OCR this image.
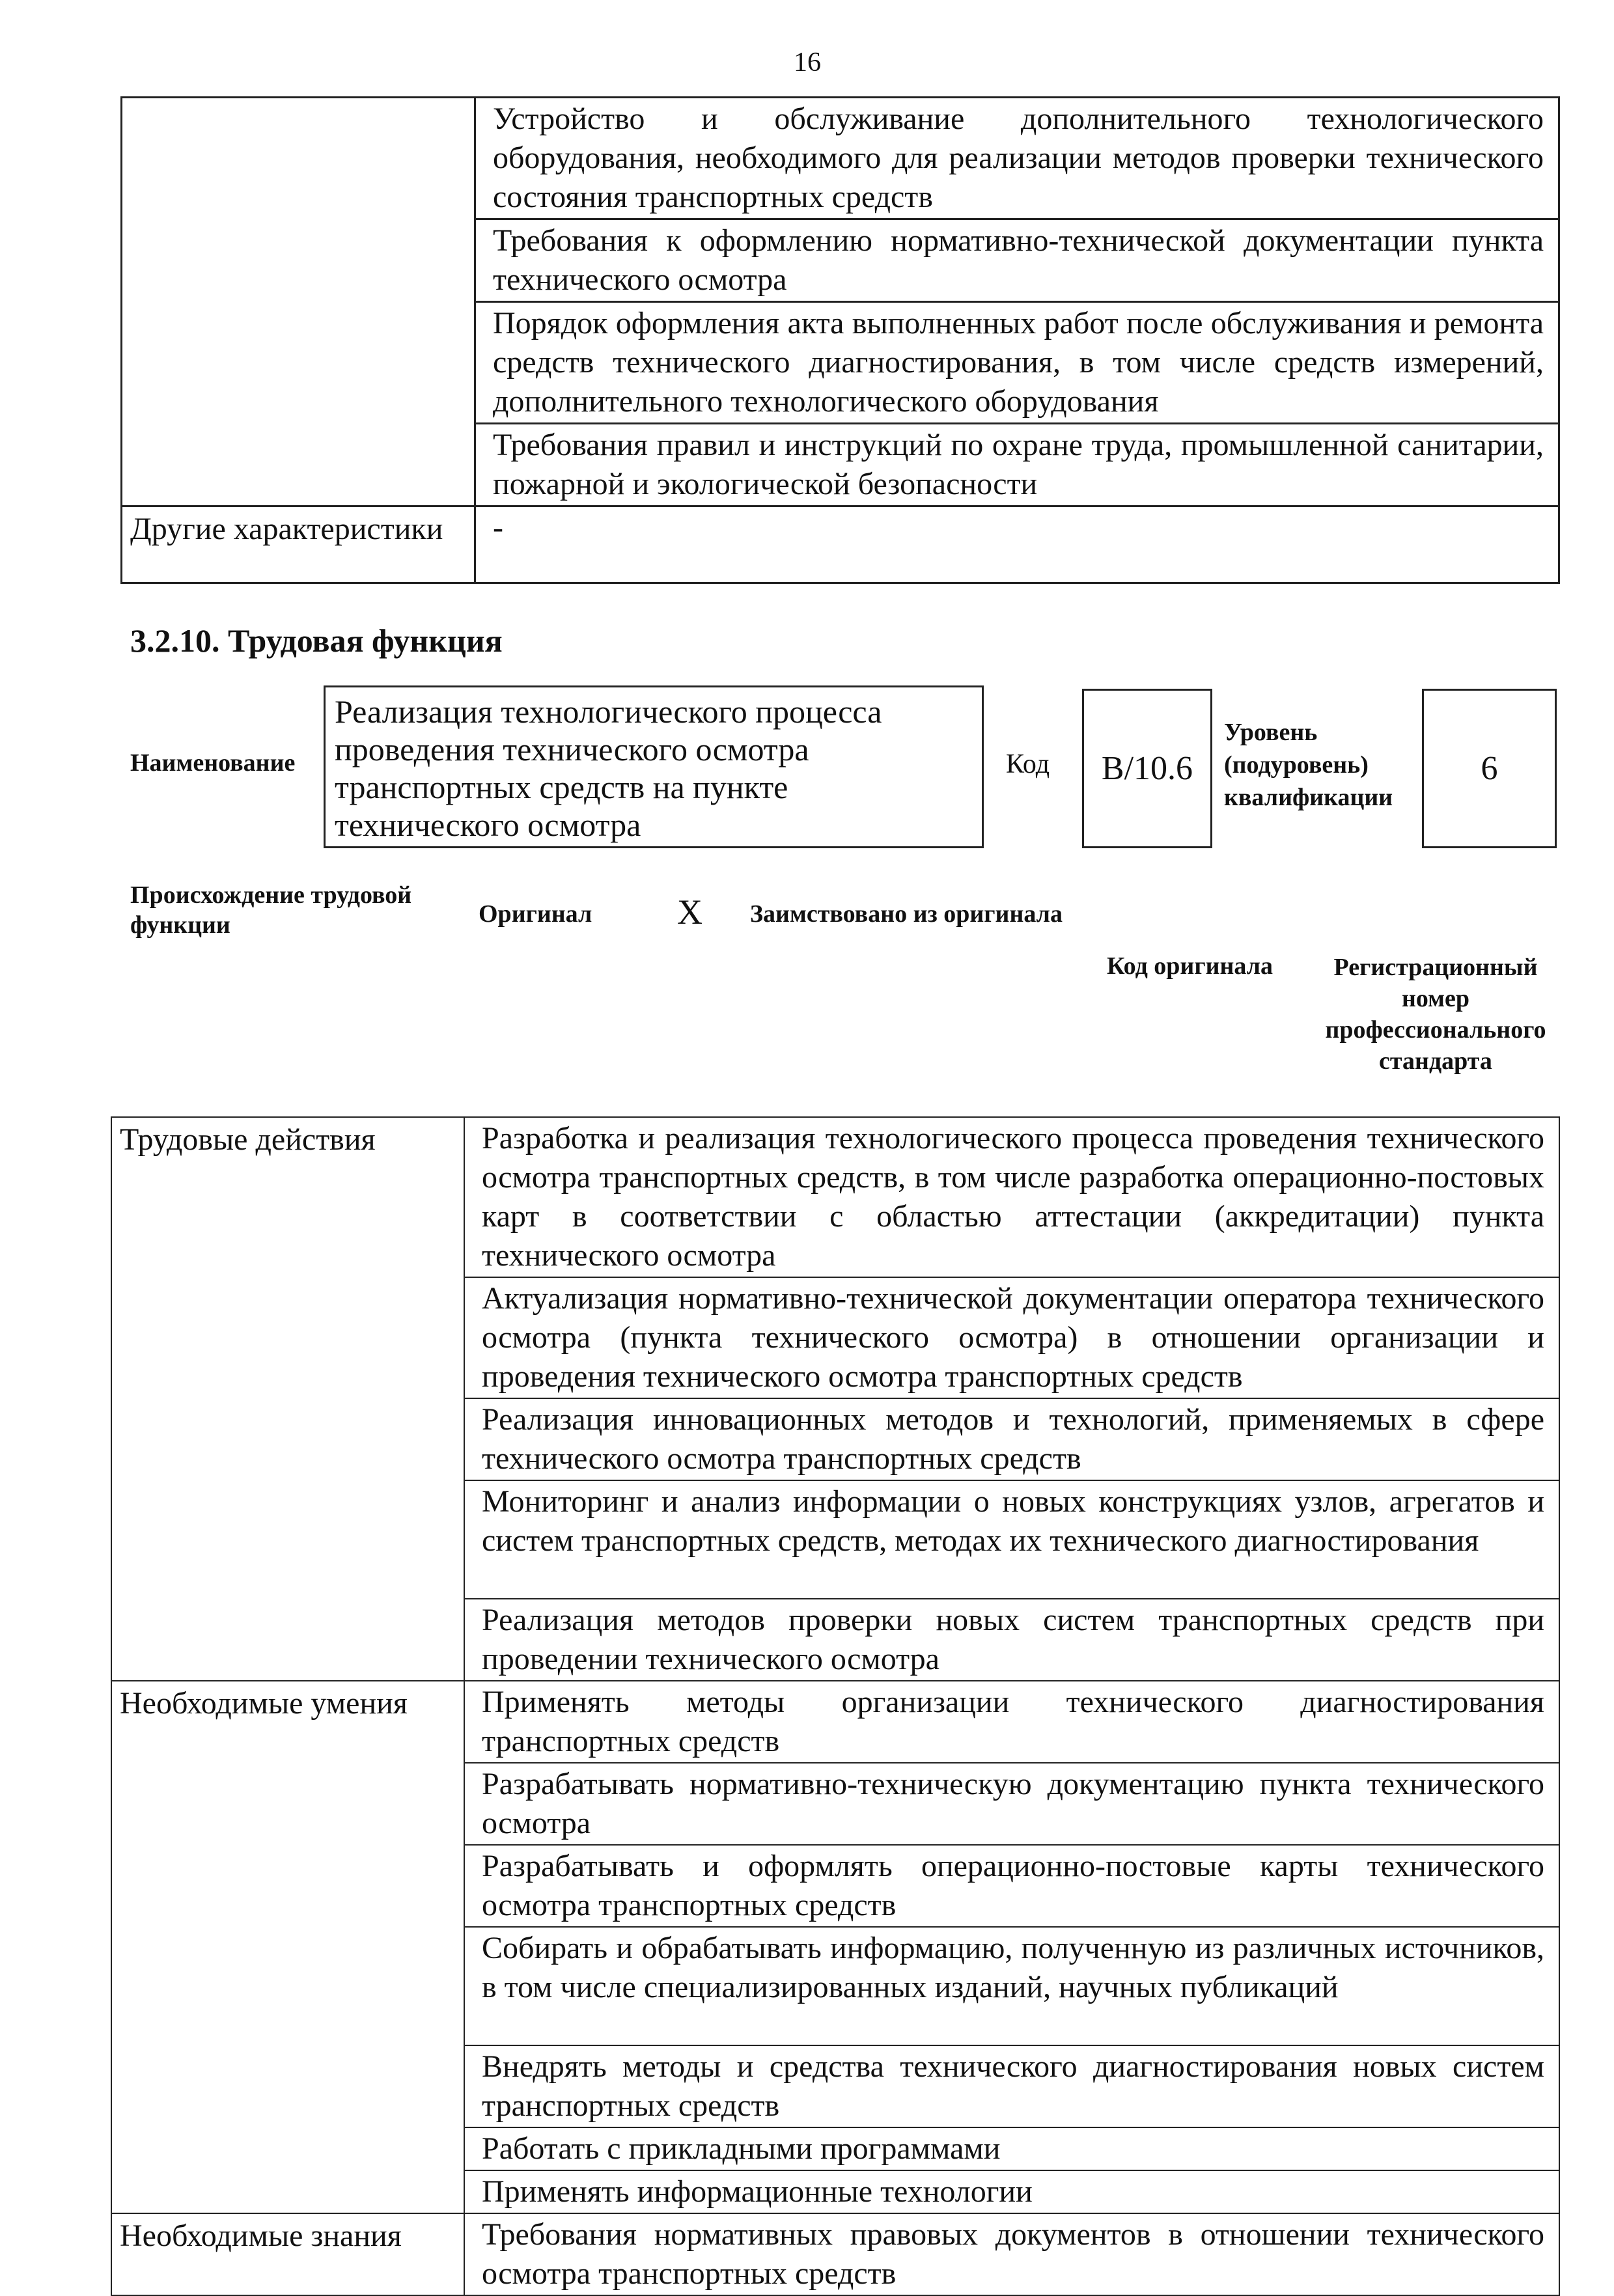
16

	Устройство и обслуживание дополнительного технологического оборудования, необходимого для реализации методов проверки технического состояния транспортных средств

	Требования к оформлению нормативно-технической документации пункта технического осмотра

	Порядок оформления акта выполненных работ после обслуживания и ремонта средств технического диагностирования, в том числе средств измерений, дополнительного технологического оборудования

	Требования правил и инструкций по охране труда, промышленной санитарии, пожарной и экологической безопасности

Другие характеристики	-
3.2.10. Трудовая функция
Наименование
Реализация технологического процесса проведения технического осмотра транспортных средств на пункте технического осмотра
Код	B/10.6
Уровень (подуровень) квалификации
6
Происхождение трудовой функции	Оригинал X Заимствовано из оригинала
Код оригинала	Регистрационный номер профессионального стандарта
Трудовые действия	Разработка и реализация технологического процесса проведения технического осмотра транспортных средств, в том числе разработка операционно-постовых карт в соответствии с областью аттестации (аккредитации) пункта технического осмотра

	Актуализация нормативно-технической документации оператора технического осмотра (пункта технического осмотра) в отношении организации и проведения технического осмотра транспортных средств

	Реализация инновационных методов и технологий, применяемых в сфере технического осмотра транспортных средств

	Мониторинг и анализ информации о новых конструкциях узлов, агрегатов и систем транспортных средств, методах их технического диагностирования

	Реализация методов проверки новых систем транспортных средств при проведении технического осмотра

Необходимые умения	Применять методы организации технического диагностирования транспортных средств

	Разрабатывать нормативно-техническую документацию пункта технического осмотра

	Разрабатывать и оформлять операционно-постовые карты технического осмотра транспортных средств

	Собирать и обрабатывать информацию, полученную из различных источников, в том числе специализированных изданий, научных публикаций

	Внедрять методы и средства технического диагностирования новых систем транспортных средств

	Работать с прикладными программами

	Применять информационные технологии

Необходимые знания	Требования нормативных правовых документов в отношении технического осмотра транспортных средств
